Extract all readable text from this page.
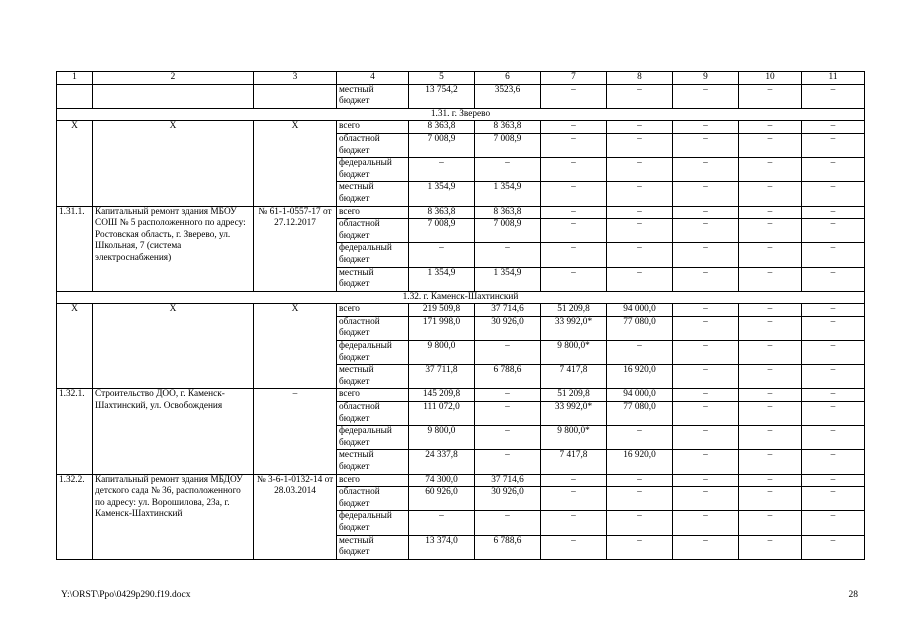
1	2	3	4	5	6	7	8	9	10	11
			местный бюджет	13 754,2	3523,6	–	–	–	–	–
1.31. г. Зверево										
X	X	X	всего	8 363,8	8 363,8	–	–	–	–	–
			областной бюджет	7 008,9	7 008,9	–	–	–	–	–
			федеральный бюджет	–	–	–	–	–	–	–
			местный бюджет	1 354,9	1 354,9	–	–	–	–	–
1.31.1.	Капитальный ремонт здания МБОУ СОШ № 5 расположенного по адресу: Ростовская область, г. Зверево, ул. Школьная, 7 (система электроснабжения)	№ 61-1-0557-17 от 27.12.2017	всего	8 363,8	8 363,8	–	–	–	–	–
			областной бюджет	7 008,9	7 008,9	–	–	–	–	–
			федеральный бюджет	–	–	–	–	–	–	–
			местный бюджет	1 354,9	1 354,9	–	–	–	–	–
1.32. г. Каменск-Шахтинский										
X	X	X	всего	219 509,8	37 714,6	51 209,8	94 000,0	–	–	–
			областной бюджет	171 998,0	30 926,0	33 992,0*	77 080,0	–	–	–
			федеральный бюджет	9 800,0	–	9 800,0*	–	–	–	–
			местный бюджет	37 711,8	6 788,6	7 417,8	16 920,0	–	–	–
1.32.1.	Строительство ДОО, г. Каменск-Шахтинский, ул. Освобождения	–	всего	145 209,8	–	51 209,8	94 000,0	–	–	–
			областной бюджет	111 072,0	–	33 992,0*	77 080,0	–	–	–
			федеральный бюджет	9 800,0	–	9 800,0*	–	–	–	–
			местный бюджет	24 337,8	–	7 417,8	16 920,0	–	–	–
1.32.2.	Капитальный ремонт здания МБДОУ детского сада № 36, расположенного по адресу: ул. Ворошилова, 23а, г. Каменск-Шахтинский	№ 3-6-1-0132-14 от 28.03.2014	всего	74 300,0	37 714,6	–	–	–	–	–
			областной бюджет	60 926,0	30 926,0	–	–	–	–	–
			федеральный бюджет	–	–	–	–	–	–	–
			местный бюджет	13 374,0	6 788,6	–	–	–	–	–
Y:\ORST\Ppo\0429p290.f19.docx	28
